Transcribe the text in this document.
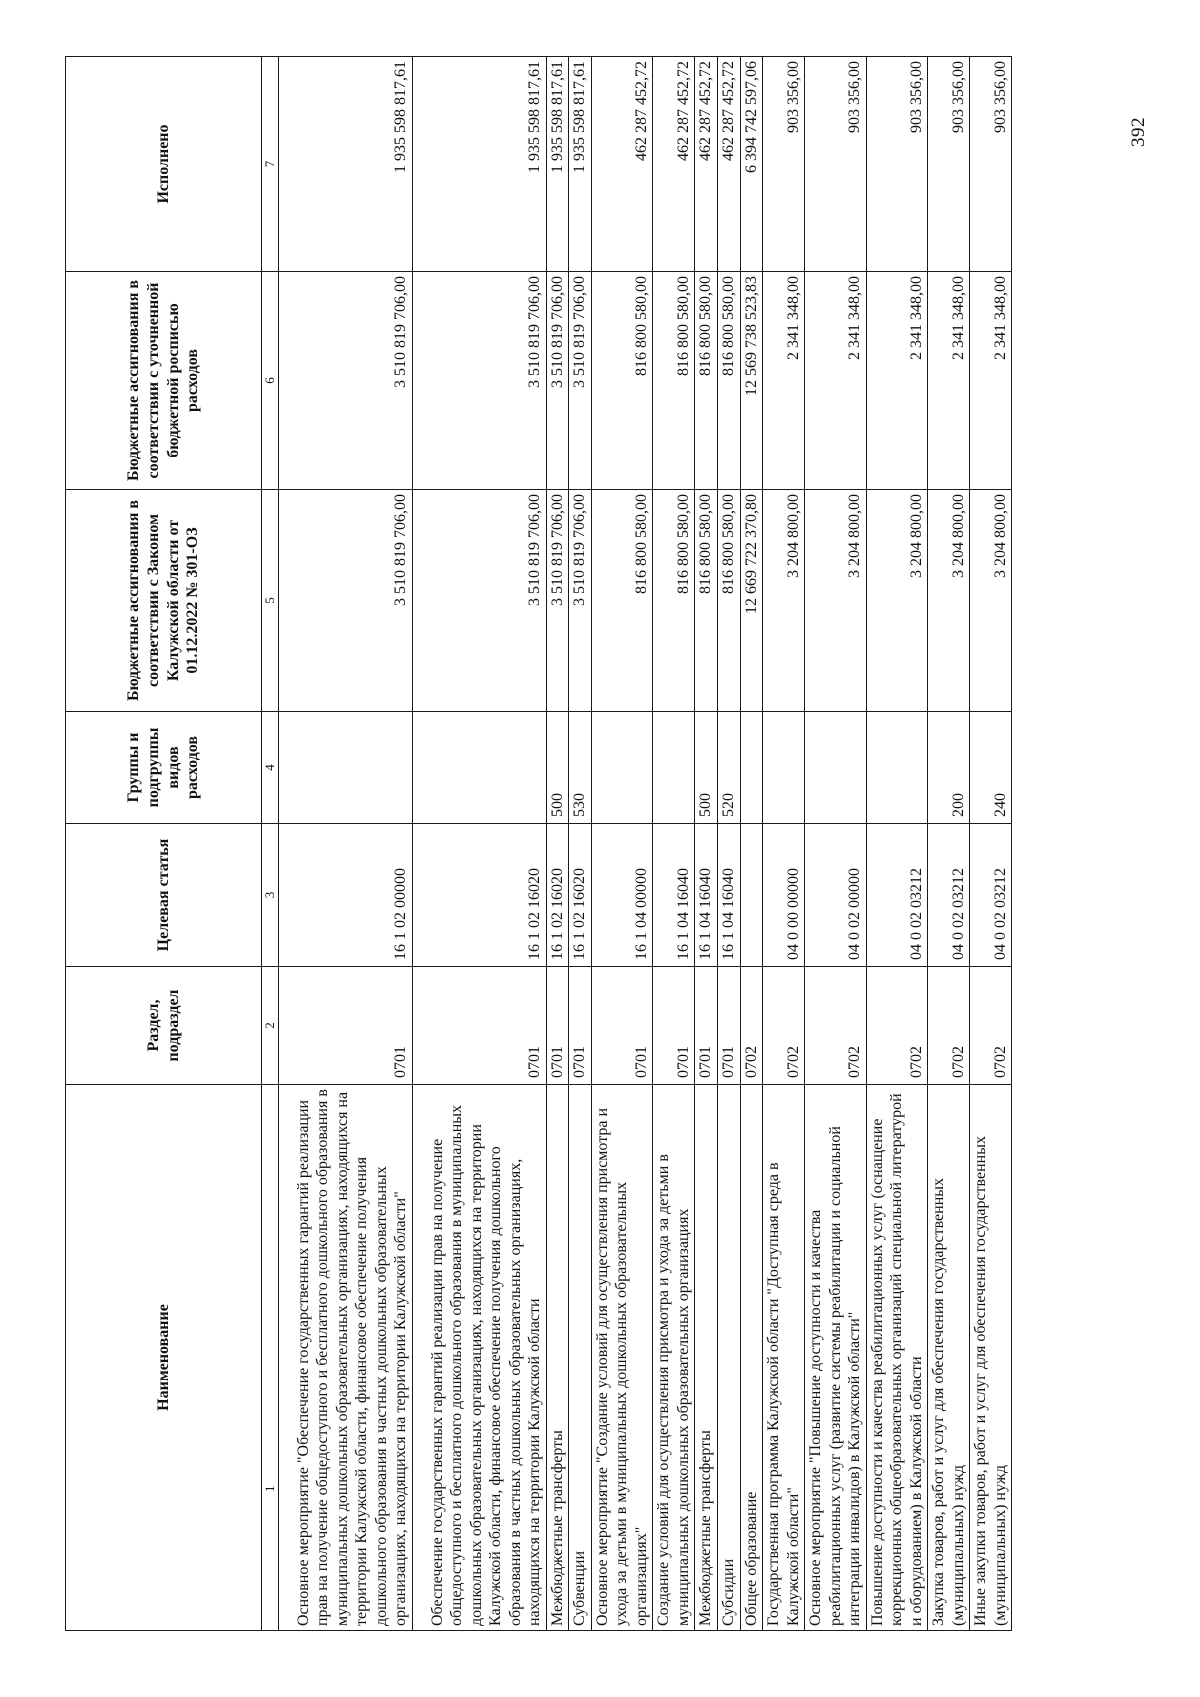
392
Наименование	Раздел, подраздел	Целевая статья	Группы и подгруппы видов расходов	Бюджетные ассигнования в соответствии с Законом Калужской области от 01.12.2022 № 301-ОЗ	Бюджетные ассигнования в соответствии с уточненной бюджетной росписью расходов	Исполнено

1	2	3	4	5	6	7

Основное мероприятие "Обеспечение государственных гарантий реализации прав на получение общедоступного и бесплатного дошкольного образования в муниципальных дошкольных образовательных организациях, находящихся на территории Калужской области, финансовое обеспечение получения дошкольного образования в частных дошкольных образовательных организациях, находящихся на территории Калужской области"	0701	16 1 02 00000		3 510 819 706,00	3 510 819 706,00	1 935 598 817,61

Обеспечение государственных гарантий реализации прав на получение общедоступного и бесплатного дошкольного образования в муниципальных дошкольных образовательных организациях, находящихся на территории Калужской области, финансовое обеспечение получения дошкольного образования в частных дошкольных образовательных организациях, находящихся на территории Калужской области	0701	16 1 02 16020		3 510 819 706,00	3 510 819 706,00	1 935 598 817,61

Межбюджетные трансферты	0701	16 1 02 16020	500	3 510 819 706,00	3 510 819 706,00	1 935 598 817,61

Субвенции	0701	16 1 02 16020	530	3 510 819 706,00	3 510 819 706,00	1 935 598 817,61

Основное мероприятие "Создание условий для осуществления присмотра и ухода за детьми в муниципальных дошкольных образовательных организациях"	0701	16 1 04 00000		816 800 580,00	816 800 580,00	462 287 452,72

Создание условий для осуществления присмотра и ухода за детьми в муниципальных дошкольных образовательных организациях	0701	16 1 04 16040		816 800 580,00	816 800 580,00	462 287 452,72

Межбюджетные трансферты	0701	16 1 04 16040	500	816 800 580,00	816 800 580,00	462 287 452,72

Субсидии	0701	16 1 04 16040	520	816 800 580,00	816 800 580,00	462 287 452,72

Общее образование	0702			12 669 722 370,80	12 569 738 523,83	6 394 742 597,06

Государственная программа Калужской области "Доступная среда в Калужской области"	0702	04 0 00 00000		3 204 800,00	2 341 348,00	903 356,00

Основное мероприятие "Повышение доступности и качества реабилитационных услуг (развитие системы реабилитации и социальной интеграции инвалидов) в Калужской области"	0702	04 0 02 00000		3 204 800,00	2 341 348,00	903 356,00

Повышение доступности и качества реабилитационных услуг (оснащение коррекционных общеобразовательных организаций специальной литературой и оборудованием) в Калужской области	0702	04 0 02 03212		3 204 800,00	2 341 348,00	903 356,00

Закупка товаров, работ и услуг для обеспечения государственных (муниципальных) нужд	0702	04 0 02 03212	200	3 204 800,00	2 341 348,00	903 356,00

Иные закупки товаров, работ и услуг для обеспечения государственных (муниципальных) нужд	0702	04 0 02 03212	240	3 204 800,00	2 341 348,00	903 356,00
